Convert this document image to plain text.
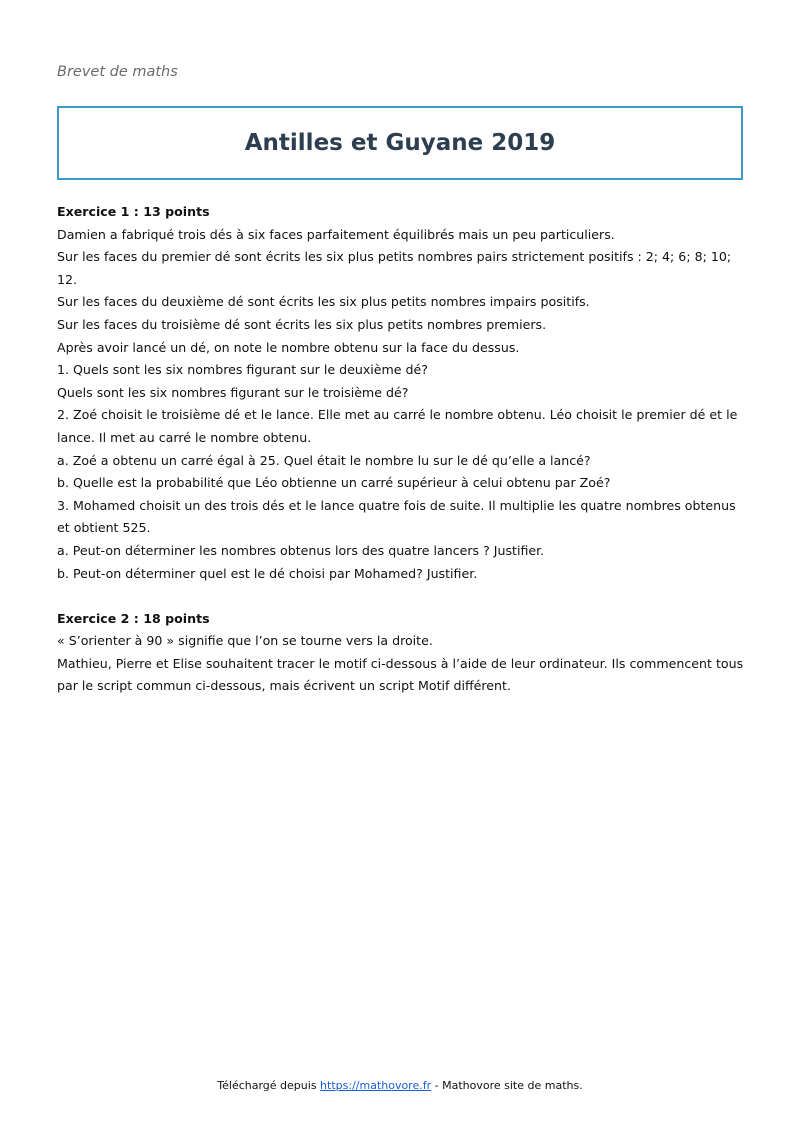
Brevet de maths
Antilles et Guyane 2019
Exercice 1 : 13 points
Damien a fabriqué trois dés à six faces parfaitement équilibrés mais un peu particuliers.
Sur les faces du premier dé sont écrits les six plus petits nombres pairs strictement positifs : 2; 4; 6; 8; 10; 12.
Sur les faces du deuxième dé sont écrits les six plus petits nombres impairs positifs.
Sur les faces du troisième dé sont écrits les six plus petits nombres premiers.
Après avoir lancé un dé, on note le nombre obtenu sur la face du dessus.
1. Quels sont les six nombres figurant sur le deuxième dé?
Quels sont les six nombres figurant sur le troisième dé?
2. Zoé choisit le troisième dé et le lance. Elle met au carré le nombre obtenu. Léo choisit le premier dé et le lance. Il met au carré le nombre obtenu.
a. Zoé a obtenu un carré égal à 25. Quel était le nombre lu sur le dé qu’elle a lancé?
b. Quelle est la probabilité que Léo obtienne un carré supérieur à celui obtenu par Zoé?
3. Mohamed choisit un des trois dés et le lance quatre fois de suite. Il multiplie les quatre nombres obtenus et obtient 525.
a. Peut-on déterminer les nombres obtenus lors des quatre lancers ? Justifier.
b. Peut-on déterminer quel est le dé choisi par Mohamed? Justifier.
Exercice 2 : 18 points
« S’orienter à 90 » signifie que l’on se tourne vers la droite.
Mathieu, Pierre et Elise souhaitent tracer le motif ci-dessous à l’aide de leur ordinateur. Ils commencent tous par le script commun ci-dessous, mais écrivent un script Motif différent.
Téléchargé depuis https://mathovore.fr - Mathovore site de maths.
